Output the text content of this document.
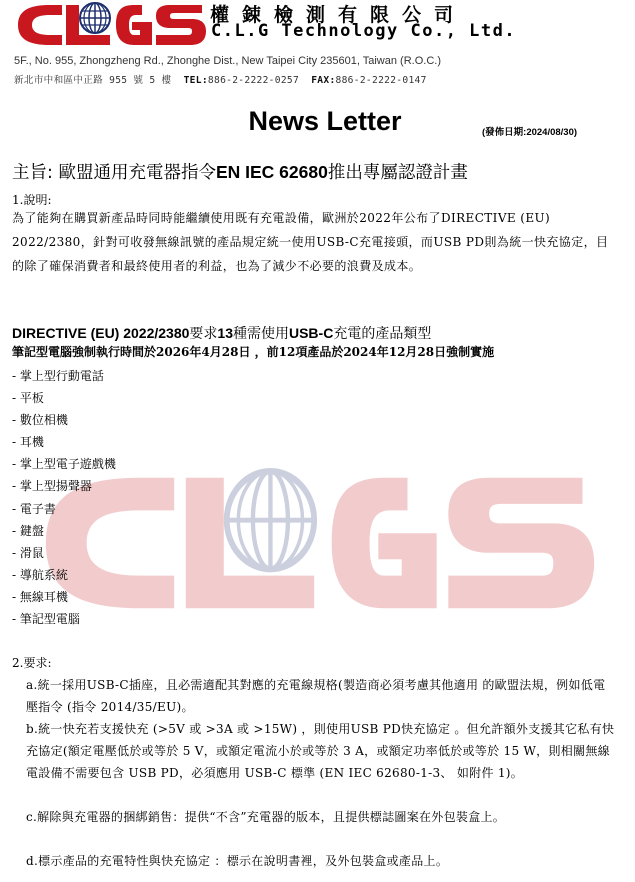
權鋉檢測有限公司
C.L.G Technology Co., Ltd.
5F., No. 955, Zhongzheng Rd., Zhonghe Dist., New Taipei City 235601, Taiwan (R.O.C.)
新北市中和區中正路 955 號 5 樓 TEL:886-2-2222-0257 FAX:886-2-2222-0147
News Letter	(發佈日期:2024/08/30)
主旨: 歐盟通用充電器指令EN IEC 62680推出專屬認證計畫
1.說明:
為了能夠在購買新產品時同時能繼續使用既有充電設備，歐洲於2022年公布了DIRECTIVE (EU) 2022/2380，針對可收發無線訊號的產品規定統一使用USB-C充電接頭，而USB PD則為統一快充協定，目的除了確保消費者和最終使用者的利益，也為了減少不必要的浪費及成本。
DIRECTIVE (EU) 2022/2380要求13種需使用USB-C充電的產品類型
筆記型電腦強制執行時間於2026年4月28日 ，前12項產品於2024年12月28日強制實施
- 掌上型行動電話
- 平板
- 數位相機
- 耳機
- 掌上型電子遊戲機
- 掌上型揚聲器
- 電子書
- 鍵盤
- 滑鼠
- 導航系統
- 無線耳機
- 筆記型電腦
2.要求:
a.統一採用USB-C插座，且必需適配其對應的充電線規格(製造商必須考慮其他適用 的歐盟法規，例如低電壓指令 (指令 2014/35/EU)。
b.統一快充若支援快充 (>5V 或 >3A 或 >15W) ，則使用USB PD快充協定 。但允許額外支援其它私有快充協定(額定電壓低於或等於 5 V，或額定電流小於或等於 3 A，或額定功率低於或等於 15 W，則相關無線電設備不需要包含 USB PD，必須應用 USB-C 標準 (EN IEC 62680-1-3、 如附件 1)。
c.解除與充電器的捆綁銷售：提供“不含”充電器的版本，且提供標誌圖案在外包裝盒上。
d.標示產品的充電特性與快充協定 ：標示在說明書裡，及外包裝盒或產品上。
